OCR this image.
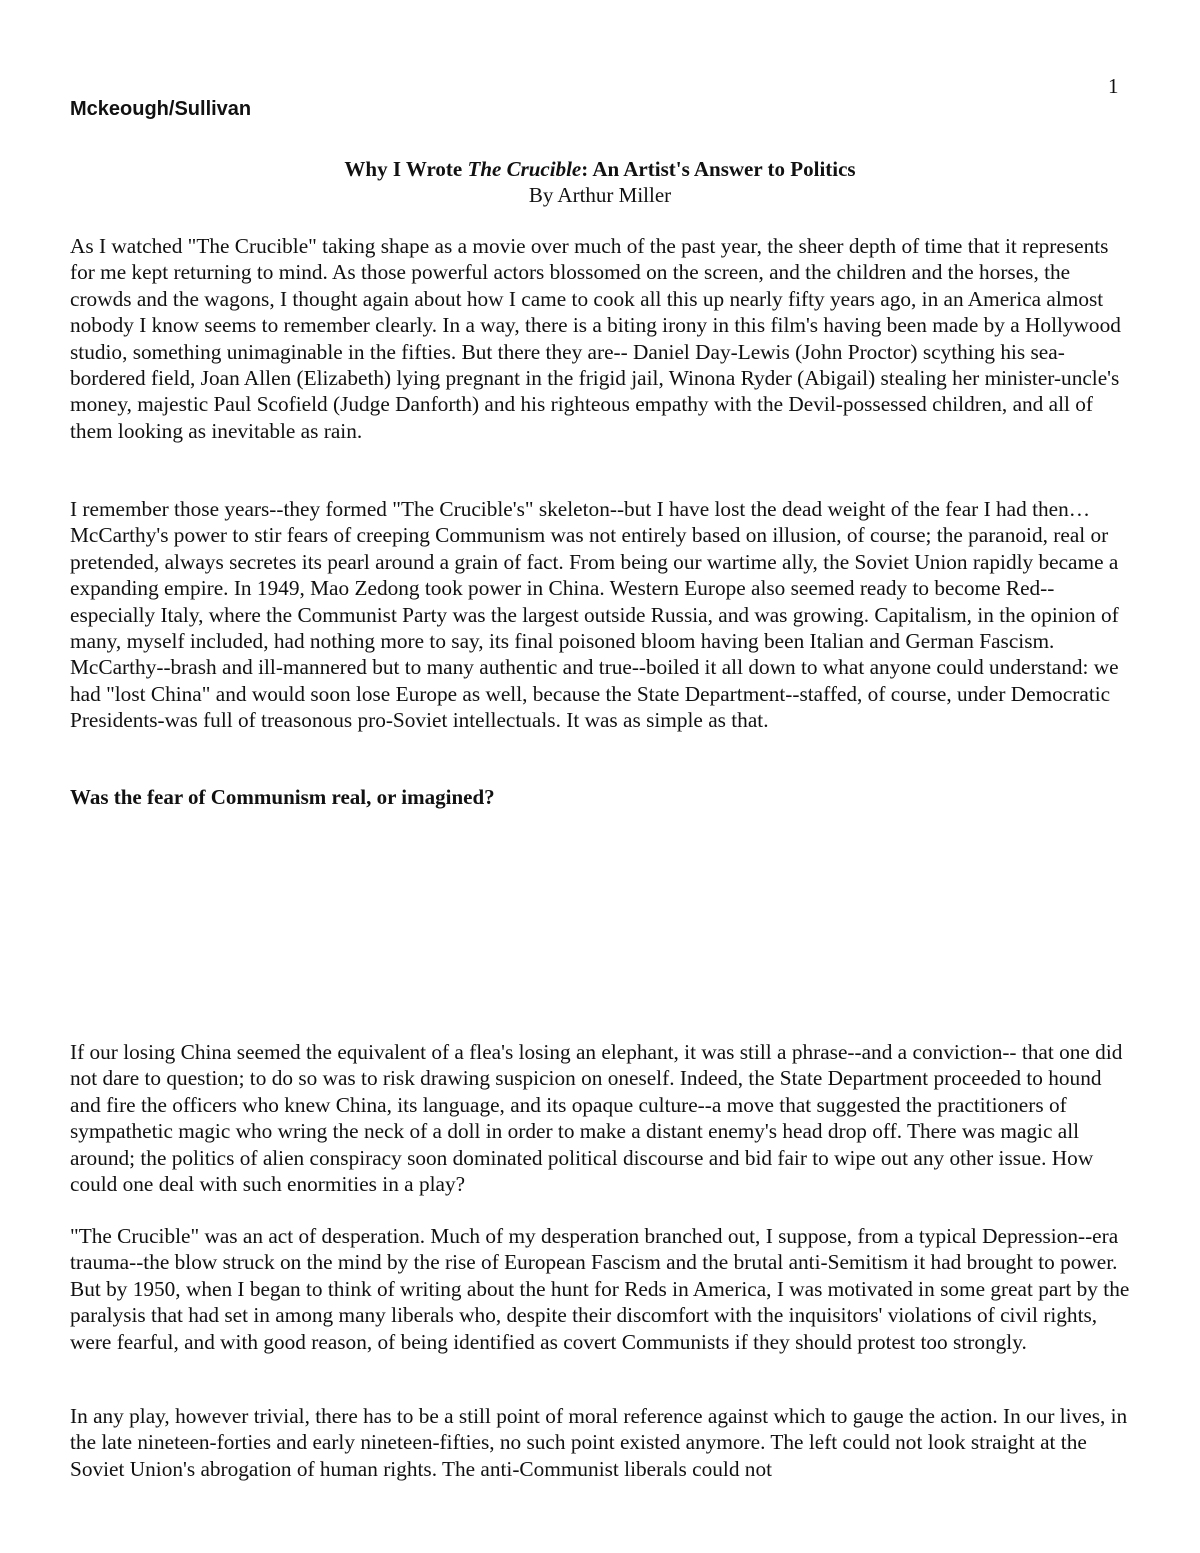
1
Mckeough/Sullivan
Why I Wrote The Crucible: An Artist's Answer to Politics
By Arthur Miller

As I watched "The Crucible" taking shape as a movie over much of the past year, the sheer depth of time that it represents for me kept returning to mind. As those powerful actors blossomed on the screen, and the children and the horses, the crowds and the wagons, I thought again about how I came to cook all this up nearly fifty years ago, in an America almost nobody I know seems to remember clearly. In a way, there is a biting irony in this film's having been made by a Hollywood studio, something unimaginable in the fifties. But there they are-- Daniel Day-Lewis (John Proctor) scything his sea-bordered field, Joan Allen (Elizabeth) lying pregnant in the frigid jail, Winona Ryder (Abigail) stealing her minister-uncle's money, majestic Paul Scofield (Judge Danforth) and his righteous empathy with the Devil-possessed children, and all of them looking as inevitable as rain.

I remember those years--they formed "The Crucible's" skeleton--but I have lost the dead weight of the fear I had then… McCarthy's power to stir fears of creeping Communism was not entirely based on illusion, of course; the paranoid, real or pretended, always secretes its pearl around a grain of fact. From being our wartime ally, the Soviet Union rapidly became a expanding empire. In 1949, Mao Zedong took power in China. Western Europe also seemed ready to become Red--especially Italy, where the Communist Party was the largest outside Russia, and was growing. Capitalism, in the opinion of many, myself included, had nothing more to say, its final poisoned bloom having been Italian and German Fascism. McCarthy--brash and ill-mannered but to many authentic and true--boiled it all down to what anyone could understand: we had "lost China" and would soon lose Europe as well, because the State Department--staffed, of course, under Democratic Presidents-was full of treasonous pro-Soviet intellectuals. It was as simple as that.

Was the fear of Communism real, or imagined?

If our losing China seemed the equivalent of a flea's losing an elephant, it was still a phrase--and a conviction-- that one did not dare to question; to do so was to risk drawing suspicion on oneself. Indeed, the State Department proceeded to hound and fire the officers who knew China, its language, and its opaque culture--a move that suggested the practitioners of sympathetic magic who wring the neck of a doll in order to make a distant enemy's head drop off. There was magic all around; the politics of alien conspiracy soon dominated political discourse and bid fair to wipe out any other issue. How could one deal with such enormities in a play?

"The Crucible" was an act of desperation. Much of my desperation branched out, I suppose, from a typical Depression--era trauma--the blow struck on the mind by the rise of European Fascism and the brutal anti-Semitism it had brought to power. But by 1950, when I began to think of writing about the hunt for Reds in America, I was motivated in some great part by the paralysis that had set in among many liberals who, despite their discomfort with the inquisitors' violations of civil rights, were fearful, and with good reason, of being identified as covert Communists if they should protest too strongly.

In any play, however trivial, there has to be a still point of moral reference against which to gauge the action. In our lives, in the late nineteen-forties and early nineteen-fifties, no such point existed anymore. The left could not look straight at the Soviet Union's abrogation of human rights. The anti-Communist liberals could not
